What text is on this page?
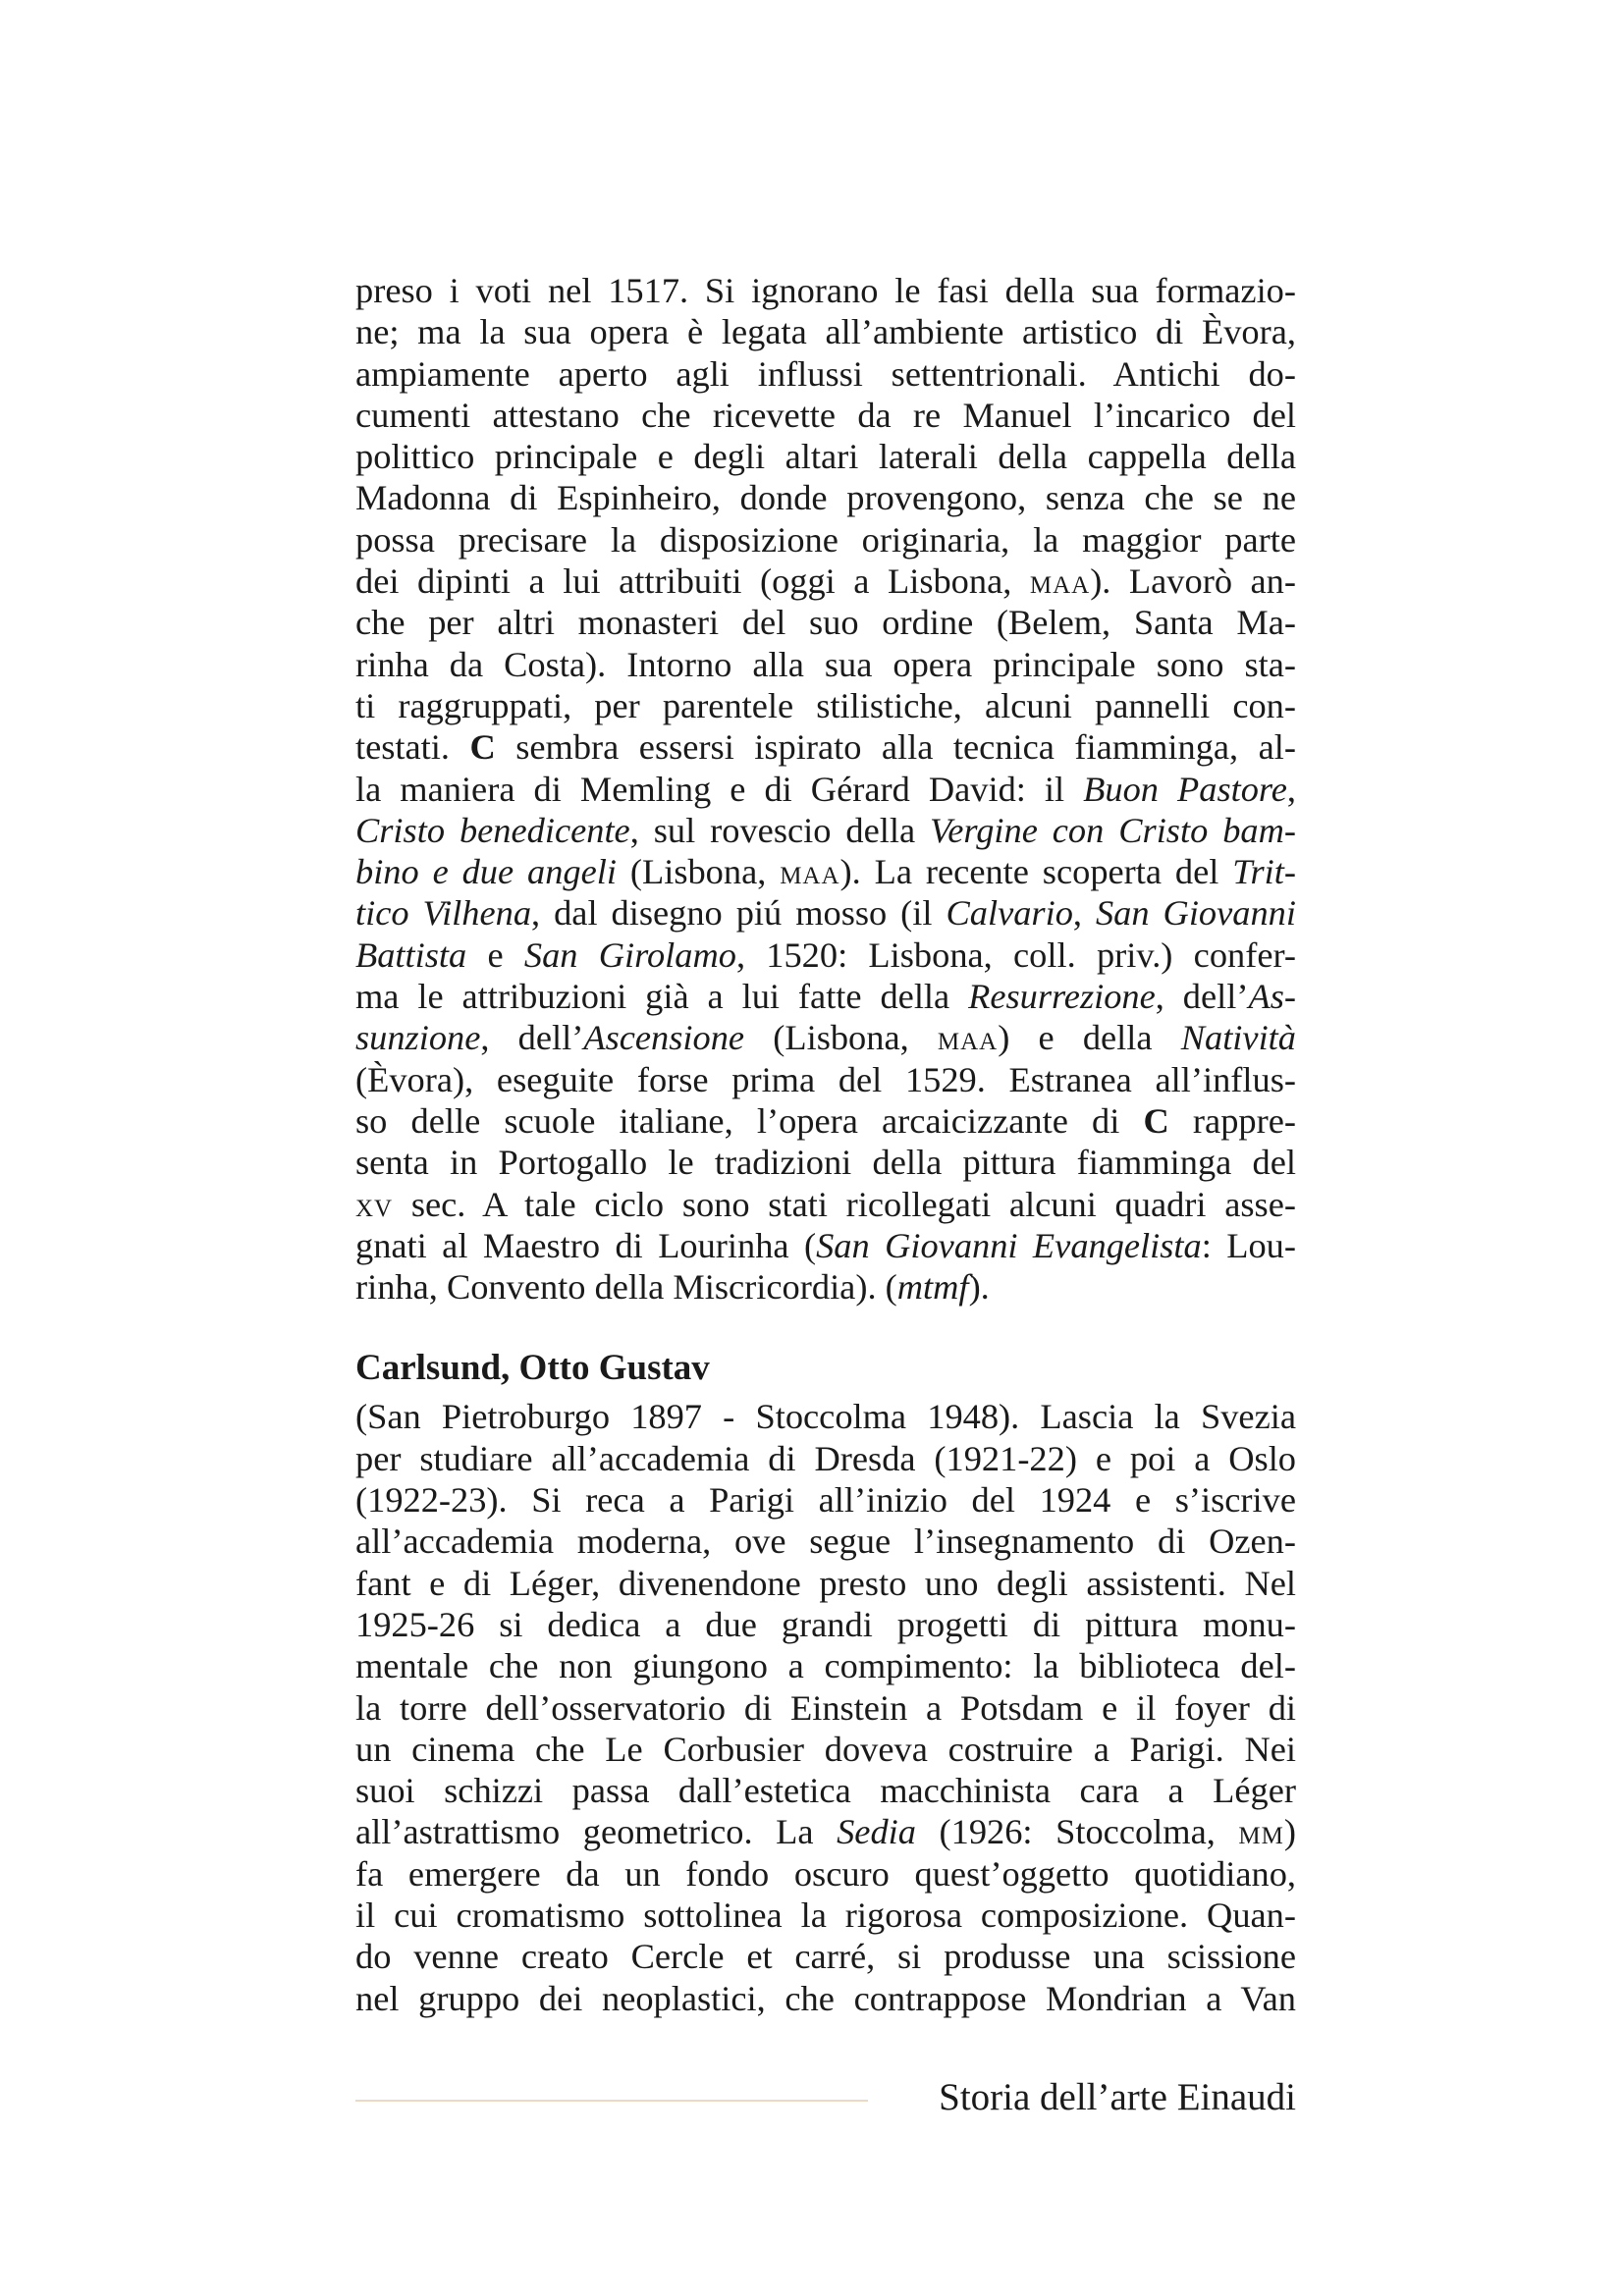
preso i voti nel 1517. Si ignorano le fasi della sua formazio-
ne; ma la sua opera è legata all’ambiente artistico di Èvora,
ampiamente aperto agli influssi settentrionali. Antichi do-
cumenti attestano che ricevette da re Manuel l’incarico del
polittico principale e degli altari laterali della cappella della
Madonna di Espinheiro, donde provengono, senza che se ne
possa precisare la disposizione originaria, la maggior parte
dei dipinti a lui attribuiti (oggi a Lisbona, maa). Lavorò an-
che per altri monasteri del suo ordine (Belem, Santa Ma-
rinha da Costa). Intorno alla sua opera principale sono sta-
ti raggruppati, per parentele stilistiche, alcuni pannelli con-
testati. C sembra essersi ispirato alla tecnica fiamminga, al-
la maniera di Memling e di Gérard David: il Buon Pastore,
Cristo benedicente, sul rovescio della Vergine con Cristo bam-
bino e due angeli (Lisbona, maa). La recente scoperta del Trit-
tico Vilhena, dal disegno piú mosso (il Calvario, San Giovanni
Battista e San Girolamo, 1520: Lisbona, coll. priv.) confer-
ma le attribuzioni già a lui fatte della Resurrezione, dell’As-
sunzione, dell’Ascensione (Lisbona, maa) e della Natività
(Èvora), eseguite forse prima del 1529. Estranea all’influs-
so delle scuole italiane, l’opera arcaicizzante di C rappre-
senta in Portogallo le tradizioni della pittura fiamminga del
xv sec. A tale ciclo sono stati ricollegati alcuni quadri asse-
gnati al Maestro di Lourinha (San Giovanni Evangelista: Lou-
rinha, Convento della Miscricordia). (mtmf).
Carlsund, Otto Gustav
(San Pietroburgo 1897 - Stoccolma 1948). Lascia la Svezia
per studiare all’accademia di Dresda (1921-22) e poi a Oslo
(1922-23). Si reca a Parigi all’inizio del 1924 e s’iscrive
all’accademia moderna, ove segue l’insegnamento di Ozen-
fant e di Léger, divenendone presto uno degli assistenti. Nel
1925-26 si dedica a due grandi progetti di pittura monu-
mentale che non giungono a compimento: la biblioteca del-
la torre dell’osservatorio di Einstein a Potsdam e il foyer di
un cinema che Le Corbusier doveva costruire a Parigi. Nei
suoi schizzi passa dall’estetica macchinista cara a Léger
all’astrattismo geometrico. La Sedia (1926: Stoccolma, mm)
fa emergere da un fondo oscuro quest’oggetto quotidiano,
il cui cromatismo sottolinea la rigorosa composizione. Quan-
do venne creato Cercle et carré, si produsse una scissione
nel gruppo dei neoplastici, che contrappose Mondrian a Van
Storia dell’arte Einaudi
